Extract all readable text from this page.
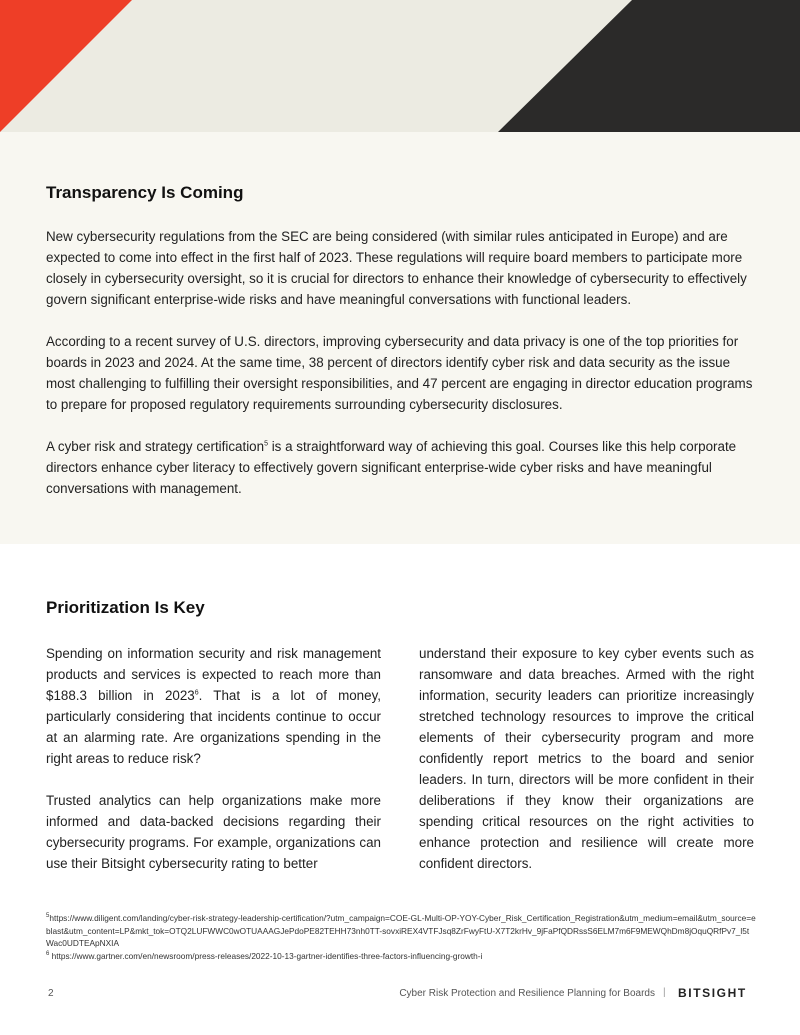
Transparency Is Coming

New cybersecurity regulations from the SEC are being considered (with similar rules anticipated in Europe) and are expected to come into effect in the first half of 2023. These regulations will require board members to participate more closely in cybersecurity oversight, so it is crucial for directors to enhance their knowledge of cybersecurity to effectively govern significant enterprise-wide risks and have meaningful conversations with functional leaders.

According to a recent survey of U.S. directors, improving cybersecurity and data privacy is one of the top priorities for boards in 2023 and 2024. At the same time, 38 percent of directors identify cyber risk and data security as the issue most challenging to fulfilling their oversight responsibilities, and 47 percent are engaging in director education programs to prepare for proposed regulatory requirements surrounding cybersecurity disclosures.

A cyber risk and strategy certification$^5$ is a straightforward way of achieving this goal. Courses like this help corporate directors enhance cyber literacy to effectively govern significant enterprise-wide cyber risks and have meaningful conversations with management.

Prioritization Is Key

Spending on information security and risk management products and services is expected to reach more than $188.3 billion in 2023$^6$. That is a lot of money, particularly considering that incidents continue to occur at an alarming rate. Are organizations spending in the right areas to reduce risk?

Trusted analytics can help organizations make more informed and data-backed decisions regarding their cybersecurity programs. For example, organizations can use their Bitsight cybersecurity rating to better

understand their exposure to key cyber events such as ransomware and data breaches. Armed with the right information, security leaders can prioritize increasingly stretched technology resources to improve the critical elements of their cybersecurity program and more confidently report metrics to the board and senior leaders. In turn, directors will be more confident in their deliberations if they know their organizations are spending critical resources on the right activities to enhance protection and resilience will create more confident directors.

$^5$https://www.diligent.com/landing/cyber-risk-strategy-leadership-certification/?utm_campaign=COE-GL-Multi-OP-YOY-Cyber_Risk_Certification_Registration&utm_medium=email&utm_source=eblast&utm_content=LP&mkt_tok=OTQ2LUFWWC0wOTUAAAGJePdoPE82TEHH73nh0TT-sovxiREX4VTFJsq8ZrFwyFtU-X7T2krHv_9jFaPfQDRssS6ELM7m6F9MEWQhDm8jOquQRfPv7_l5tWac0UDTEApNXIA

$^6$ https://www.gartner.com/en/newsroom/press-releases/2022-10-13-gartner-identifies-three-factors-influencing-growth-i

2	Cyber Risk Protection and Resilience Planning for Boards | BITSIGHT
